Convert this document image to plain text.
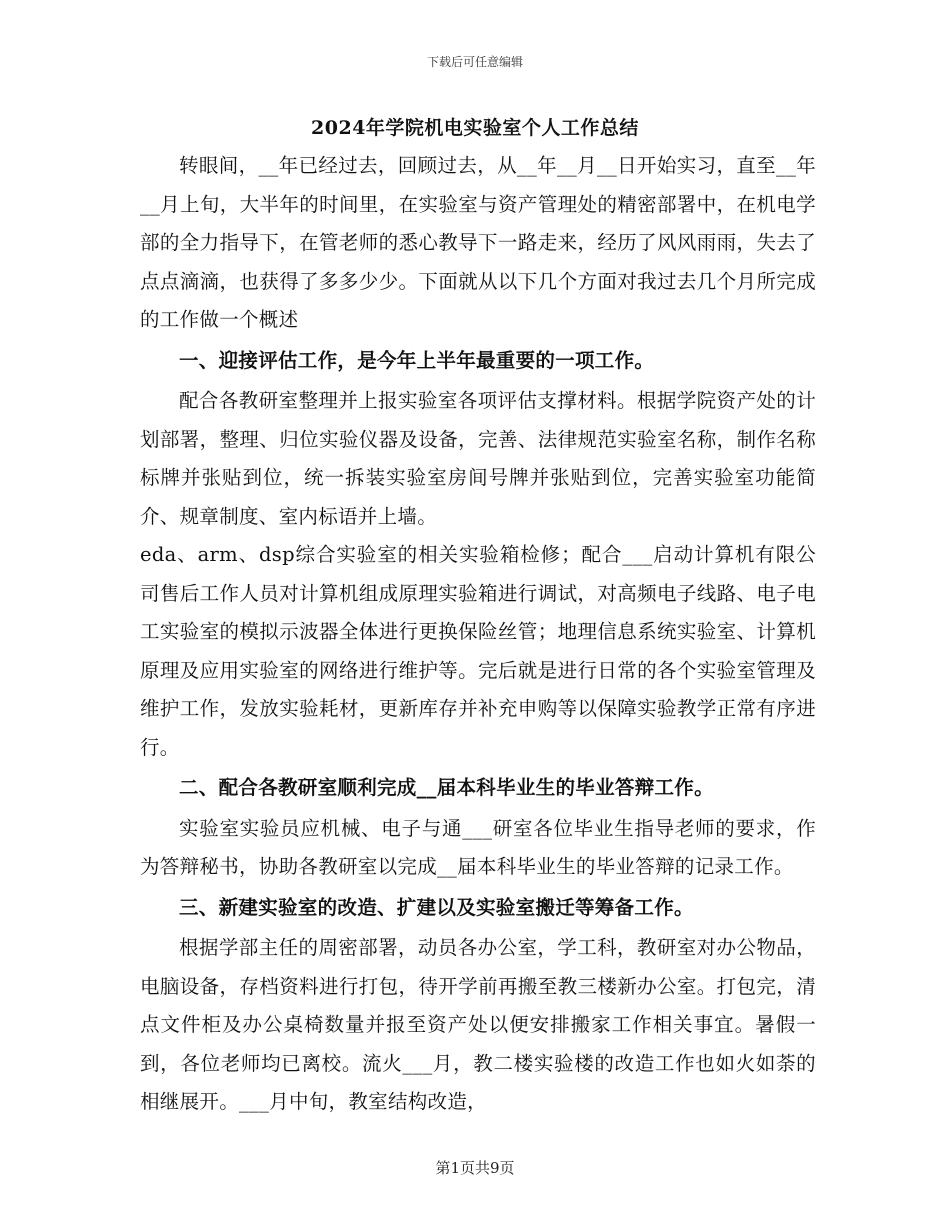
下载后可任意编辑
2024年学院机电实验室个人工作总结

转眼间，__年已经过去，回顾过去，从__年__月__日开始实习，直至__年__月上旬，大半年的时间里，在实验室与资产管理处的精密部署中，在机电学部的全力指导下，在管老师的悉心教导下一路走来，经历了风风雨雨，失去了点点滴滴，也获得了多多少少。下面就从以下几个方面对我过去几个月所完成的工作做一个概述

一、迎接评估工作，是今年上半年最重要的一项工作。

配合各教研室整理并上报实验室各项评估支撑材料。根据学院资产处的计划部署，整理、归位实验仪器及设备，完善、法律规范实验室名称，制作名称标牌并张贴到位，统一拆装实验室房间号牌并张贴到位，完善实验室功能简介、规章制度、室内标语并上墙。

eda、arm、dsp综合实验室的相关实验箱检修；配合___启动计算机有限公司售后工作人员对计算机组成原理实验箱进行调试，对高频电子线路、电子电工实验室的模拟示波器全体进行更换保险丝管；地理信息系统实验室、计算机原理及应用实验室的网络进行维护等。完后就是进行日常的各个实验室管理及维护工作，发放实验耗材，更新库存并补充申购等以保障实验教学正常有序进行。

二、配合各教研室顺利完成__届本科毕业生的毕业答辩工作。

实验室实验员应机械、电子与通___研室各位毕业生指导老师的要求，作为答辩秘书，协助各教研室以完成__届本科毕业生的毕业答辩的记录工作。

三、新建实验室的改造、扩建以及实验室搬迁等筹备工作。

根据学部主任的周密部署，动员各办公室，学工科，教研室对办公物品，电脑设备，存档资料进行打包，待开学前再搬至教三楼新办公室。打包完，清点文件柜及办公桌椅数量并报至资产处以便安排搬家工作相关事宜。暑假一到，各位老师均已离校。流火___月，教二楼实验楼的改造工作也如火如荼的相继展开。___月中旬，教室结构改造，

第1页共9页
